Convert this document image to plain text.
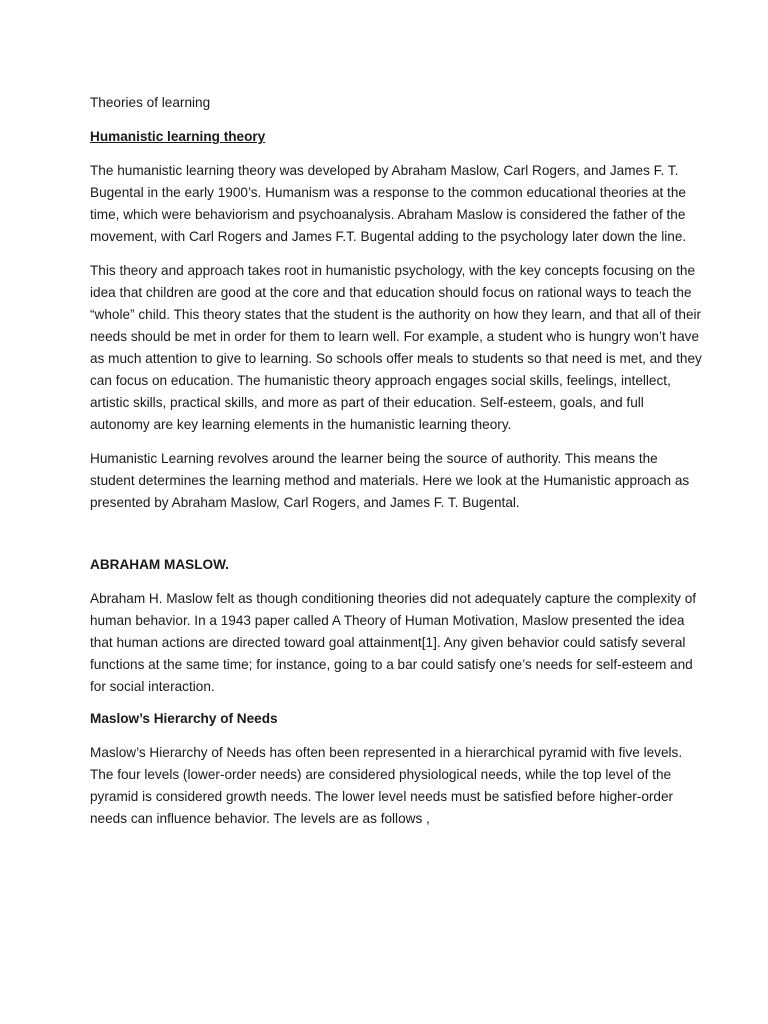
Theories of learning

Humanistic learning theory

The humanistic learning theory was developed by Abraham Maslow, Carl Rogers, and James F. T. Bugental in the early 1900’s. Humanism was a response to the common educational theories at the time, which were behaviorism and psychoanalysis. Abraham Maslow is considered the father of the movement, with Carl Rogers and James F.T. Bugental adding to the psychology later down the line.

This theory and approach takes root in humanistic psychology, with the key concepts focusing on the idea that children are good at the core and that education should focus on rational ways to teach the “whole” child. This theory states that the student is the authority on how they learn, and that all of their needs should be met in order for them to learn well. For example, a student who is hungry won’t have as much attention to give to learning. So schools offer meals to students so that need is met, and they can focus on education. The humanistic theory approach engages social skills, feelings, intellect, artistic skills, practical skills, and more as part of their education. Self-esteem, goals, and full autonomy are key learning elements in the humanistic learning theory.

Humanistic Learning revolves around the learner being the source of authority. This means the student determines the learning method and materials. Here we look at the Humanistic approach as presented by Abraham Maslow, Carl Rogers, and James F. T. Bugental.

ABRAHAM MASLOW.

Abraham H. Maslow felt as though conditioning theories did not adequately capture the complexity of human behavior. In a 1943 paper called A Theory of Human Motivation, Maslow presented the idea that human actions are directed toward goal attainment[1]. Any given behavior could satisfy several functions at the same time; for instance, going to a bar could satisfy one’s needs for self-esteem and for social interaction.

Maslow’s Hierarchy of Needs

Maslow’s Hierarchy of Needs has often been represented in a hierarchical pyramid with five levels. The four levels (lower-order needs) are considered physiological needs, while the top level of the pyramid is considered growth needs. The lower level needs must be satisfied before higher-order needs can influence behavior. The levels are as follows ,
